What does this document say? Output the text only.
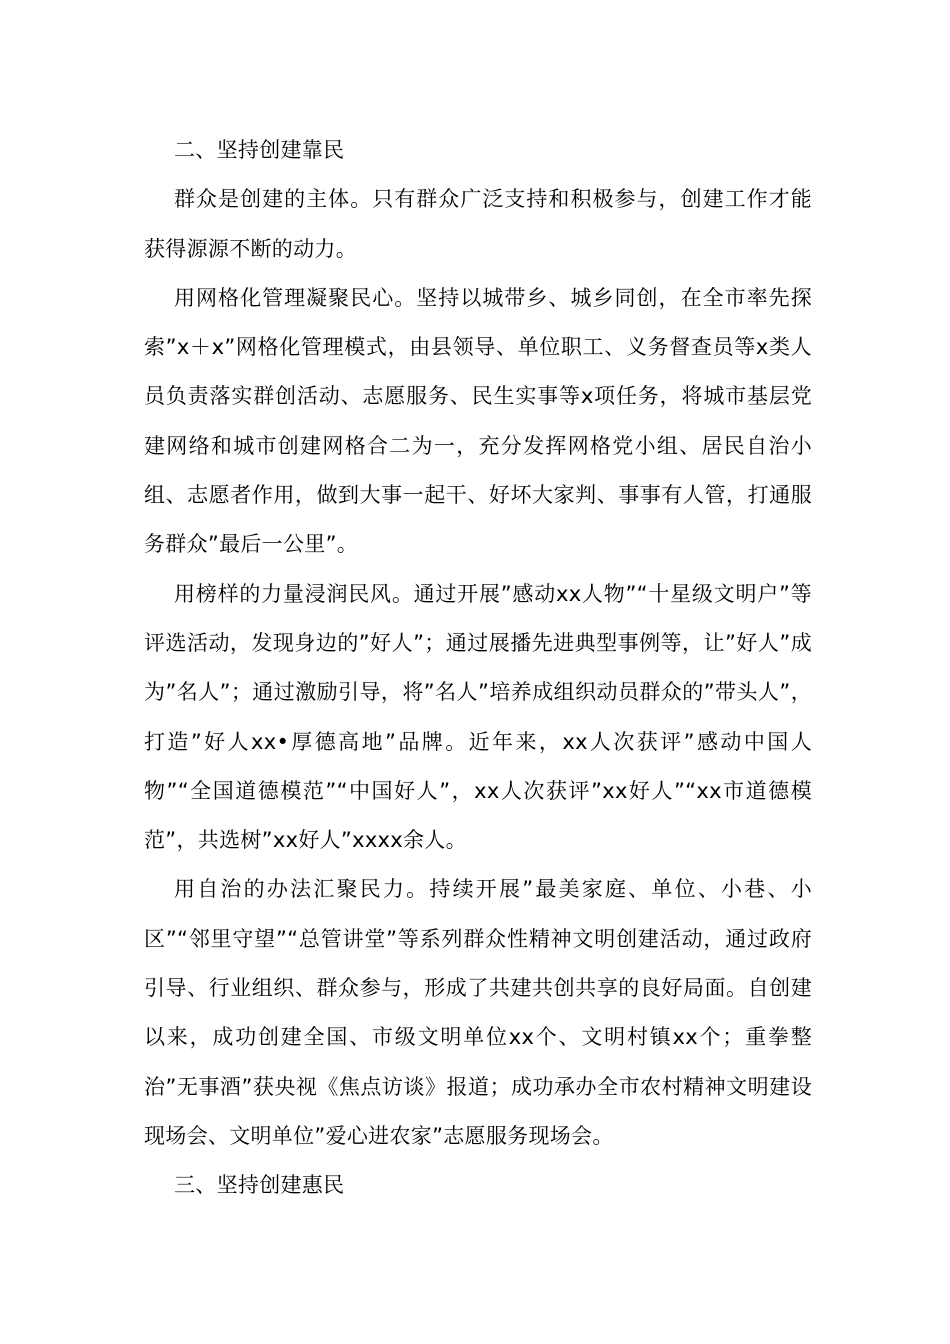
二、坚持创建靠民

群众是创建的主体。只有群众广泛支持和积极参与，创建工作才能获得源源不断的动力。

用网格化管理凝聚民心。坚持以城带乡、城乡同创，在全市率先探索”x＋x”网格化管理模式，由县领导、单位职工、义务督查员等x类人员负责落实群创活动、志愿服务、民生实事等x项任务，将城市基层党建网络和城市创建网格合二为一，充分发挥网格党小组、居民自治小组、志愿者作用，做到大事一起干、好坏大家判、事事有人管，打通服务群众”最后一公里”。

用榜样的力量浸润民风。通过开展”感动xx人物”“十星级文明户”等评选活动，发现身边的”好人”；通过展播先进典型事例等，让”好人”成为”名人”；通过激励引导，将”名人”培养成组织动员群众的”带头人”，打造”好人xx•厚德高地”品牌。近年来，xx人次获评”感动中国人物”“全国道德模范”“中国好人”，xx人次获评”xx好人”“xx市道德模范”，共选树”xx好人”xxxx余人。

用自治的办法汇聚民力。持续开展”最美家庭、单位、小巷、小区”“邻里守望”“总管讲堂”等系列群众性精神文明创建活动，通过政府引导、行业组织、群众参与，形成了共建共创共享的良好局面。自创建以来，成功创建全国、市级文明单位xx个、文明村镇xx个；重拳整治”无事酒”获央视《焦点访谈》报道；成功承办全市农村精神文明建设现场会、文明单位”爱心进农家”志愿服务现场会。

三、坚持创建惠民
